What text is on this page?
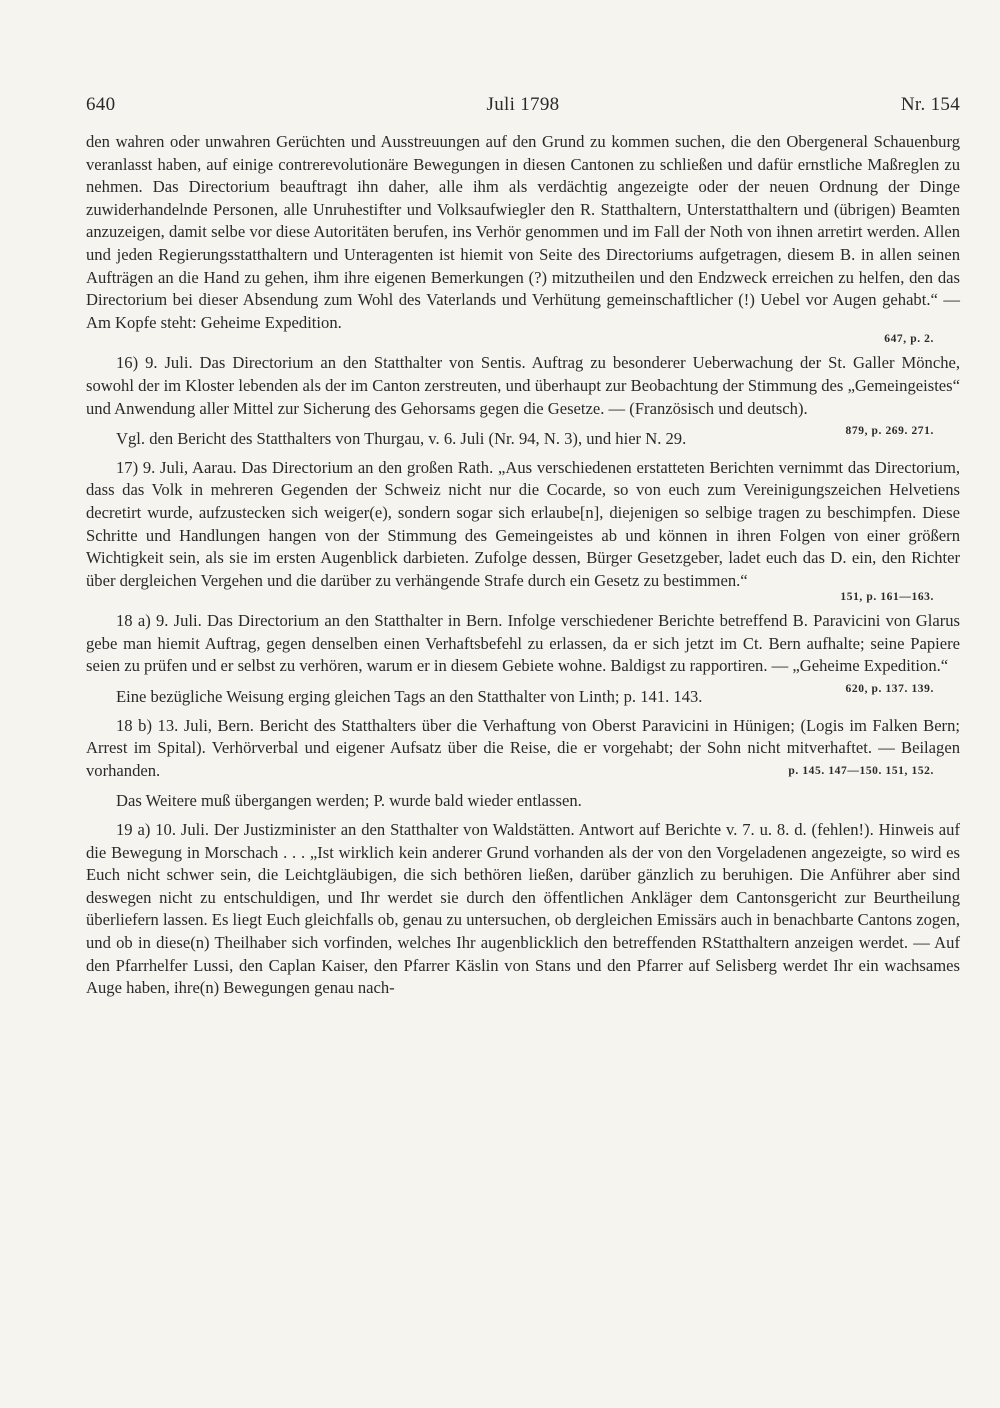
640	Juli 1798	Nr. 154

den wahren oder unwahren Gerüchten und Ausstreuungen auf den Grund zu kommen suchen, die den Obergeneral Schauenburg veranlasst haben, auf einige contrerevolutionäre Bewegungen in diesen Cantonen zu schließen und dafür ernstliche Maßreglen zu nehmen. Das Directorium beauftragt ihn daher, alle ihm als verdächtig angezeigte oder der neuen Ordnung der Dinge zuwiderhandelnde Personen, alle Unruhestifter und Volksaufwiegler den R. Statthaltern, Unterstatthaltern und (übrigen) Beamten anzuzeigen, damit selbe vor diese Autoritäten berufen, ins Verhör genommen und im Fall der Noth von ihnen arretirt werden. Allen und jeden Regierungsstatthaltern und Unteragenten ist hiemit von Seite des Directoriums aufgetragen, diesem B. in allen seinen Aufträgen an die Hand zu gehen, ihm ihre eigenen Bemerkungen (?) mitzutheilen und den Endzweck erreichen zu helfen, den das Directorium bei dieser Absendung zum Wohl des Vaterlands und Verhütung gemeinschaftlicher (!) Uebel vor Augen gehabt.“ — Am Kopfe steht: Geheime Expedition.

647, p. 2.

16) 9. Juli. Das Directorium an den Statthalter von Sentis. Auftrag zu besonderer Ueberwachung der St. Galler Mönche, sowohl der im Kloster lebenden als der im Canton zerstreuten, und überhaupt zur Beobachtung der Stimmung des „Gemeingeistes“ und Anwendung aller Mittel zur Sicherung des Gehorsams gegen die Gesetze. — (Französisch und deutsch).
879, p. 269. 271.

Vgl. den Bericht des Statthalters von Thurgau, v. 6. Juli (Nr. 94, N. 3), und hier N. 29.

17) 9. Juli, Aarau. Das Directorium an den großen Rath. „Aus verschiedenen erstatteten Berichten vernimmt das Directorium, dass das Volk in mehreren Gegenden der Schweiz nicht nur die Cocarde, so von euch zum Vereinigungszeichen Helvetiens decretirt wurde, aufzustecken sich weiger(e), sondern sogar sich erlaube[n], diejenigen so selbige tragen zu beschimpfen. Diese Schritte und Handlungen hangen von der Stimmung des Gemeingeistes ab und können in ihren Folgen von einer größern Wichtigkeit sein, als sie im ersten Augenblick darbieten. Zufolge dessen, Bürger Gesetzgeber, ladet euch das D. ein, den Richter über dergleichen Vergehen und die darüber zu verhängende Strafe durch ein Gesetz zu bestimmen.“

151, p. 161—163.

18 a) 9. Juli. Das Directorium an den Statthalter in Bern. Infolge verschiedener Berichte betreffend B. Paravicini von Glarus gebe man hiemit Auftrag, gegen denselben einen Verhaftsbefehl zu erlassen, da er sich jetzt im Ct. Bern aufhalte; seine Papiere seien zu prüfen und er selbst zu verhören, warum er in diesem Gebiete wohne. Baldigst zu rapportiren. — „Geheime Expedition.“
620, p. 137. 139.

Eine bezügliche Weisung erging gleichen Tags an den Statthalter von Linth; p. 141. 143.

18 b) 13. Juli, Bern. Bericht des Statthalters über die Verhaftung von Oberst Paravicini in Hünigen; (Logis im Falken Bern; Arrest im Spital). Verhörverbal und eigener Aufsatz über die Reise, die er vorgehabt; der Sohn nicht mitverhaftet. — Beilagen vorhanden.	p. 145. 147—150. 151, 152.

Das Weitere muß übergangen werden; P. wurde bald wieder entlassen.

19 a) 10. Juli. Der Justizminister an den Statthalter von Waldstätten. Antwort auf Berichte v. 7. u. 8. d. (fehlen!). Hinweis auf die Bewegung in Morschach . . . „Ist wirklich kein anderer Grund vorhanden als der von den Vorgeladenen angezeigte, so wird es Euch nicht schwer sein, die Leichtgläubigen, die sich bethören ließen, darüber gänzlich zu beruhigen. Die Anführer aber sind deswegen nicht zu entschuldigen, und Ihr werdet sie durch den öffentlichen Ankläger dem Cantonsgericht zur Beurtheilung überliefern lassen. Es liegt Euch gleichfalls ob, genau zu untersuchen, ob dergleichen Emissärs auch in benachbarte Cantons zogen, und ob in diese(n) Theilhaber sich vorfinden, welches Ihr augenblicklich den betreffenden RStatthaltern anzeigen werdet. — Auf den Pfarrhelfer Lussi, den Caplan Kaiser, den Pfarrer Käslin von Stans und den Pfarrer auf Selisberg werdet Ihr ein wachsames Auge haben, ihre(n) Bewegungen genau nach-
